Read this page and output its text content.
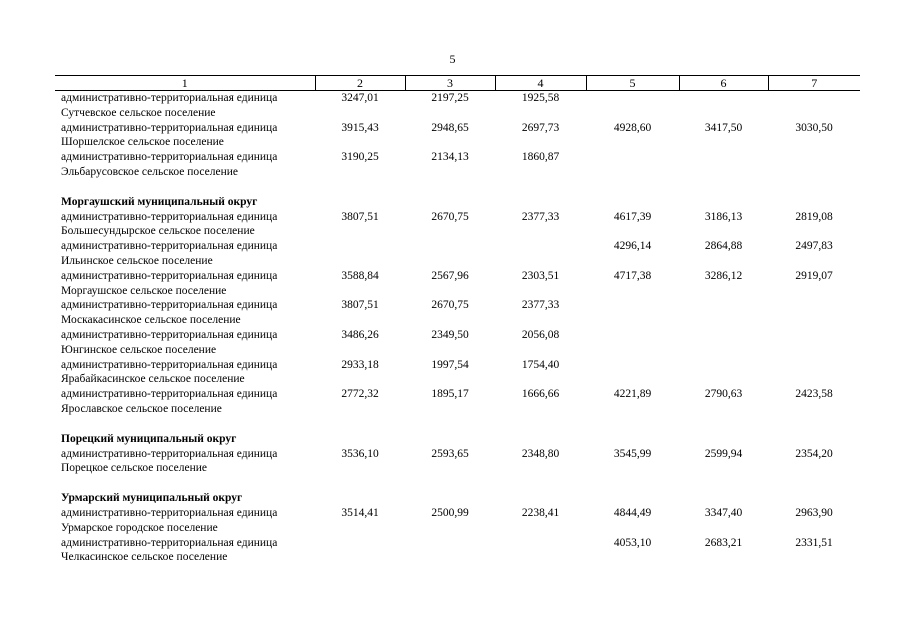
5
1	2	3	4	5	6	7

административно-территориальная единица
Сутчевское сельское поселение	3247,01	2197,25	1925,58			

административно-территориальная единица
Шоршелское сельское поселение	3915,43	2948,65	2697,73	4928,60	3417,50	3030,50

административно-территориальная единица
Эльбарусовское сельское поселение	3190,25	2134,13	1860,87			
Моргаушский муниципальный округ						

административно-территориальная единица
Большесундырское сельское поселение	3807,51	2670,75	2377,33	4617,39	3186,13	2819,08

административно-территориальная единица
Ильинское сельское поселение				4296,14	2864,88	2497,83

административно-территориальная единица
Моргаушское сельское поселение	3588,84	2567,96	2303,51	4717,38	3286,12	2919,07

административно-территориальная единица
Москакасинское сельское поселение	3807,51	2670,75	2377,33			

административно-территориальная единица
Юнгинское сельское поселение	3486,26	2349,50	2056,08			

административно-территориальная единица
Ярабайкасинское сельское поселение	2933,18	1997,54	1754,40			

административно-территориальная единица
Ярославское сельское поселение	2772,32	1895,17	1666,66	4221,89	2790,63	2423,58
Порецкий муниципальный округ						

административно-территориальная единица
Порецкое сельское поселение	3536,10	2593,65	2348,80	3545,99	2599,94	2354,20
Урмарский муниципальный округ						

административно-территориальная единица
Урмарское городское поселение	3514,41	2500,99	2238,41	4844,49	3347,40	2963,90

административно-территориальная единица
Челкасинское сельское поселение				4053,10	2683,21	2331,51
